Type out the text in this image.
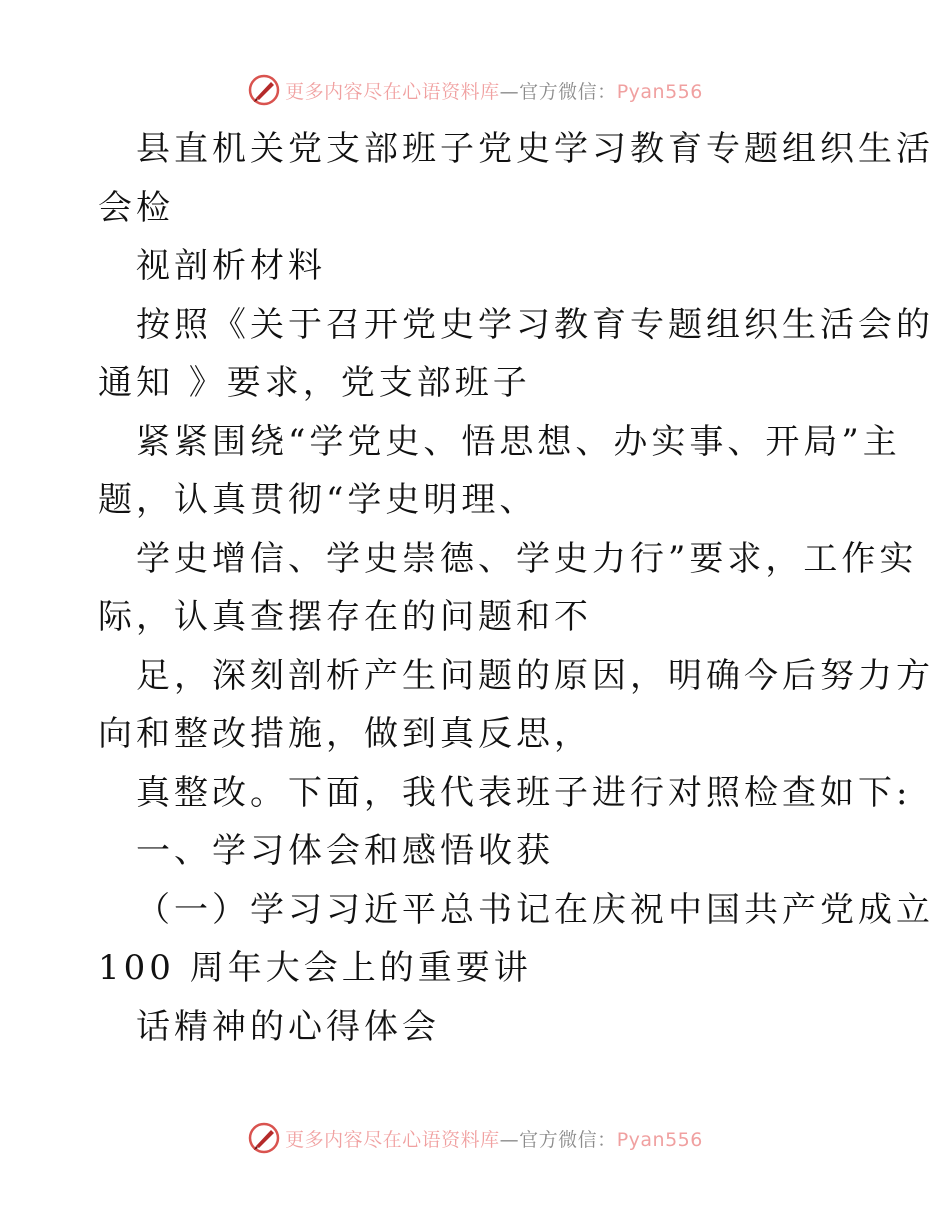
更多内容尽在心语资料库—官方微信：Pyan556
县直机关党支部班子党史学习教育专题组织生活
会检
视剖析材料
按照《关于召开党史学习教育专题组织生活会的
通知 》要求，党支部班子
紧紧围绕“学党史、悟思想、办实事、开局”主
题，认真贯彻“学史明理、
学史增信、学史崇德、学史力行”要求，工作实
际，认真查摆存在的问题和不
足，深刻剖析产生问题的原因，明确今后努力方
向和整改措施，做到真反思，
真整改。下面，我代表班子进行对照检查如下:
一、学习体会和感悟收获
（一）学习习近平总书记在庆祝中国共产党成立
100 周年大会上的重要讲
话精神的心得体会
更多内容尽在心语资料库—官方微信：Pyan556
